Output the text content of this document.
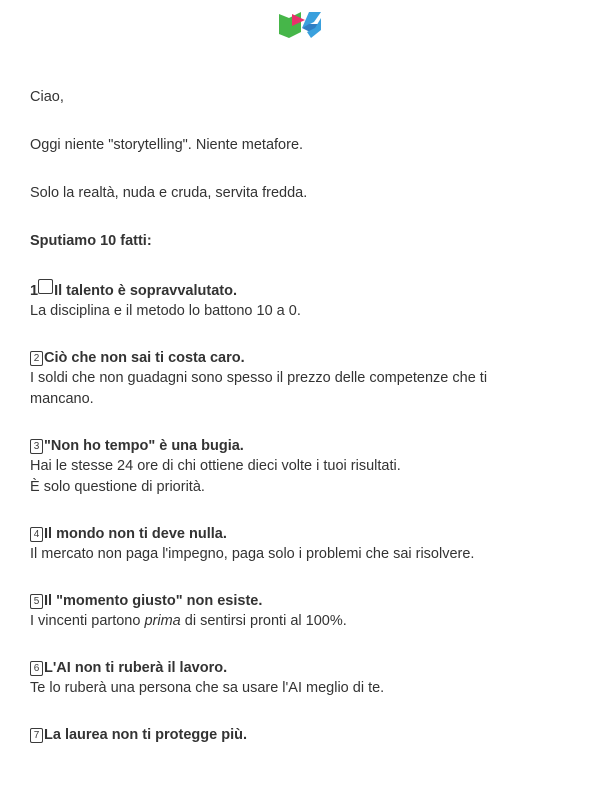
Ciao,

Oggi niente "storytelling". Niente metafore.

Solo la realtà, nuda e cruda, servita fredda.

Sputiamo 10 fatti:

1 Il talento è sopravvalutato.

La disciplina e il metodo lo battono 10 a 0.

2 Ciò che non sai ti costa caro.

I soldi che non guadagni sono spesso il prezzo delle competenze che ti

mancano.

3 "Non ho tempo" è una bugia.

Hai le stesse 24 ore di chi ottiene dieci volte i tuoi risultati.

È solo questione di priorità.

4 Il mondo non ti deve nulla.

Il mercato non paga l'impegno, paga solo i problemi che sai risolvere.

5 Il "momento giusto" non esiste.

I vincenti partono prima di sentirsi pronti al 100%.

6 L'AI non ti ruberà il lavoro.

Te lo ruberà una persona che sa usare l'AI meglio di te.

7 La laurea non ti protegge più.
